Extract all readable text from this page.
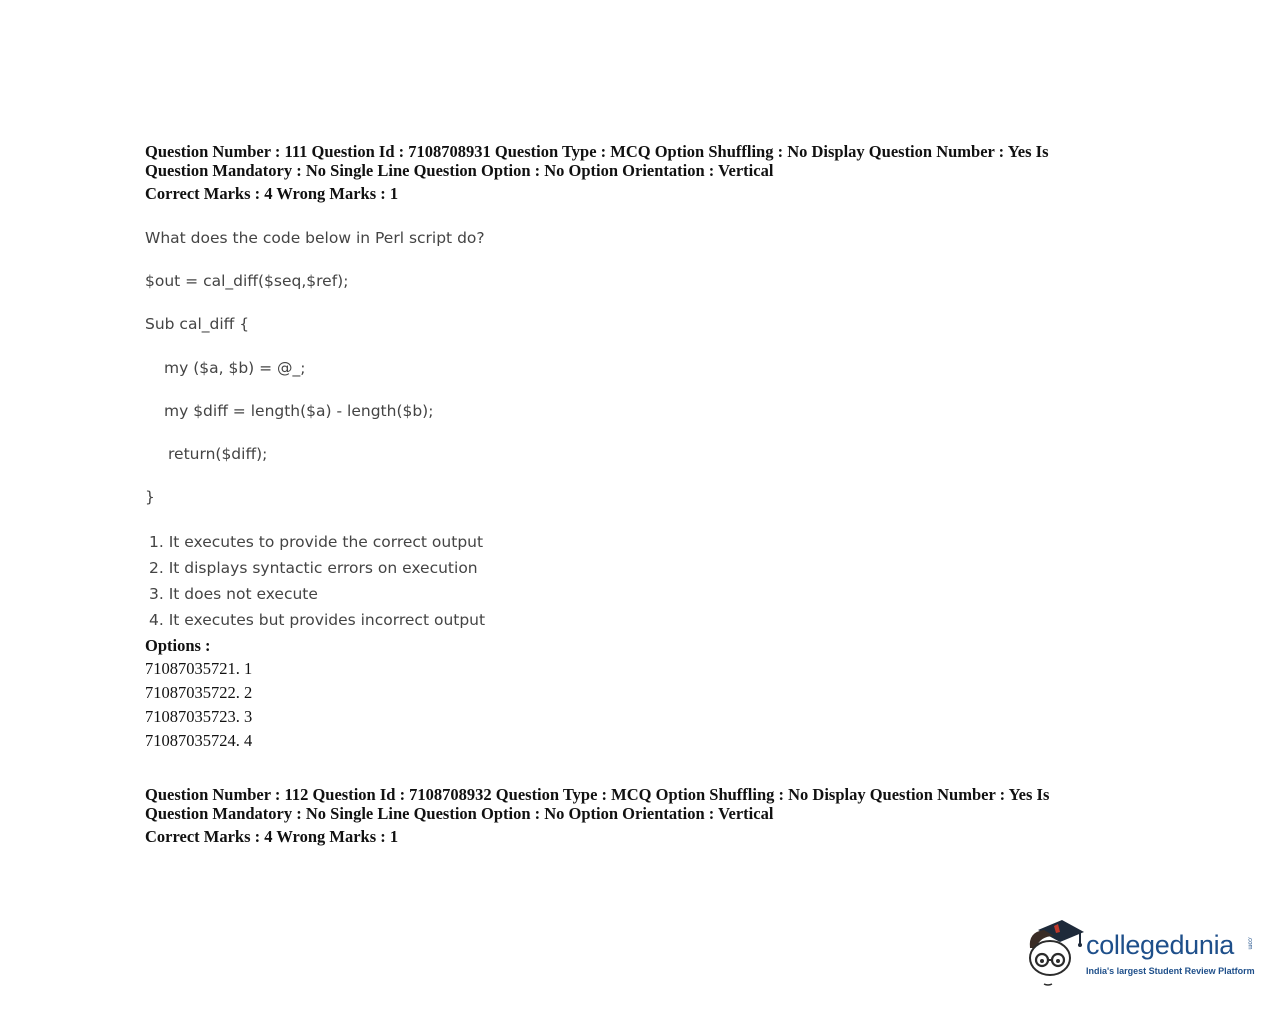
Question Number : 111 Question Id : 7108708931 Question Type : MCQ Option Shuffling : No Display Question Number : Yes Is
Question Mandatory : No Single Line Question Option : No Option Orientation : Vertical
Correct Marks : 4 Wrong Marks : 1
What does the code below in Perl script do?
$out = cal_diff($seq,$ref);
Sub cal_diff {
my ($a, $b) = @_;
my $diff = length($a) - length($b);
return($diff);
}
1. It executes to provide the correct output
2. It displays syntactic errors on execution
3. It does not execute
4. It executes but provides incorrect output
Options :
71087035721. 1
71087035722. 2
71087035723. 3
71087035724. 4
Question Number : 112 Question Id : 7108708932 Question Type : MCQ Option Shuffling : No Display Question Number : Yes Is
Question Mandatory : No Single Line Question Option : No Option Orientation : Vertical
Correct Marks : 4 Wrong Marks : 1
collegedunia .com
India's largest Student Review Platform
